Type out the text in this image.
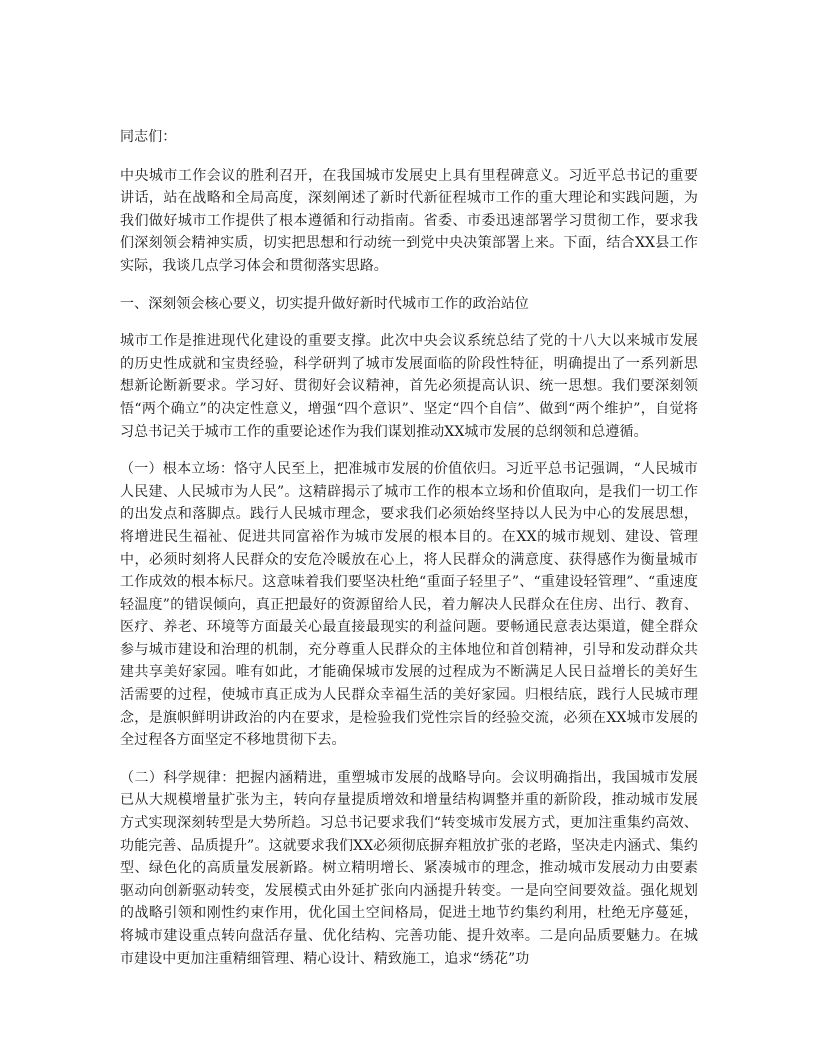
同志们：

中央城市工作会议的胜利召开，在我国城市发展史上具有里程碑意义。习近平总书记的重要讲话，站在战略和全局高度，深刻阐述了新时代新征程城市工作的重大理论和实践问题，为我们做好城市工作提供了根本遵循和行动指南。省委、市委迅速部署学习贯彻工作，要求我们深刻领会精神实质，切实把思想和行动统一到党中央决策部署上来。下面，结合XX县工作实际，我谈几点学习体会和贯彻落实思路。

一、深刻领会核心要义，切实提升做好新时代城市工作的政治站位

城市工作是推进现代化建设的重要支撑。此次中央会议系统总结了党的十八大以来城市发展的历史性成就和宝贵经验，科学研判了城市发展面临的阶段性特征，明确提出了一系列新思想新论断新要求。学习好、贯彻好会议精神，首先必须提高认识、统一思想。我们要深刻领悟“两个确立”的决定性意义，增强“四个意识”、坚定“四个自信”、做到“两个维护”，自觉将习总书记关于城市工作的重要论述作为我们谋划推动XX城市发展的总纲领和总遵循。

（一）根本立场：恪守人民至上，把准城市发展的价值依归。习近平总书记强调，“人民城市人民建、人民城市为人民”。这精辟揭示了城市工作的根本立场和价值取向，是我们一切工作的出发点和落脚点。践行人民城市理念，要求我们必须始终坚持以人民为中心的发展思想，将增进民生福祉、促进共同富裕作为城市发展的根本目的。在XX的城市规划、建设、管理中，必须时刻将人民群众的安危冷暖放在心上，将人民群众的满意度、获得感作为衡量城市工作成效的根本标尺。这意味着我们要坚决杜绝“重面子轻里子”、“重建设轻管理”、“重速度轻温度”的错误倾向，真正把最好的资源留给人民，着力解决人民群众在住房、出行、教育、医疗、养老、环境等方面最关心最直接最现实的利益问题。要畅通民意表达渠道，健全群众参与城市建设和治理的机制，充分尊重人民群众的主体地位和首创精神，引导和发动群众共建共享美好家园。唯有如此，才能确保城市发展的过程成为不断满足人民日益增长的美好生活需要的过程，使城市真正成为人民群众幸福生活的美好家园。归根结底，践行人民城市理念，是旗帜鲜明讲政治的内在要求，是检验我们党性宗旨的经验交流，必须在XX城市发展的全过程各方面坚定不移地贯彻下去。

（二）科学规律：把握内涵精进，重塑城市发展的战略导向。会议明确指出，我国城市发展已从大规模增量扩张为主，转向存量提质增效和增量结构调整并重的新阶段，推动城市发展方式实现深刻转型是大势所趋。习总书记要求我们“转变城市发展方式，更加注重集约高效、功能完善、品质提升”。这就要求我们XX必须彻底摒弃粗放扩张的老路，坚决走内涵式、集约型、绿色化的高质量发展新路。树立精明增长、紧凑城市的理念，推动城市发展动力由要素驱动向创新驱动转变，发展模式由外延扩张向内涵提升转变。一是向空间要效益。强化规划的战略引领和刚性约束作用，优化国土空间格局，促进土地节约集约利用，杜绝无序蔓延，将城市建设重点转向盘活存量、优化结构、完善功能、提升效率。二是向品质要魅力。在城市建设中更加注重精细管理、精心设计、精致施工，追求“绣花”功
